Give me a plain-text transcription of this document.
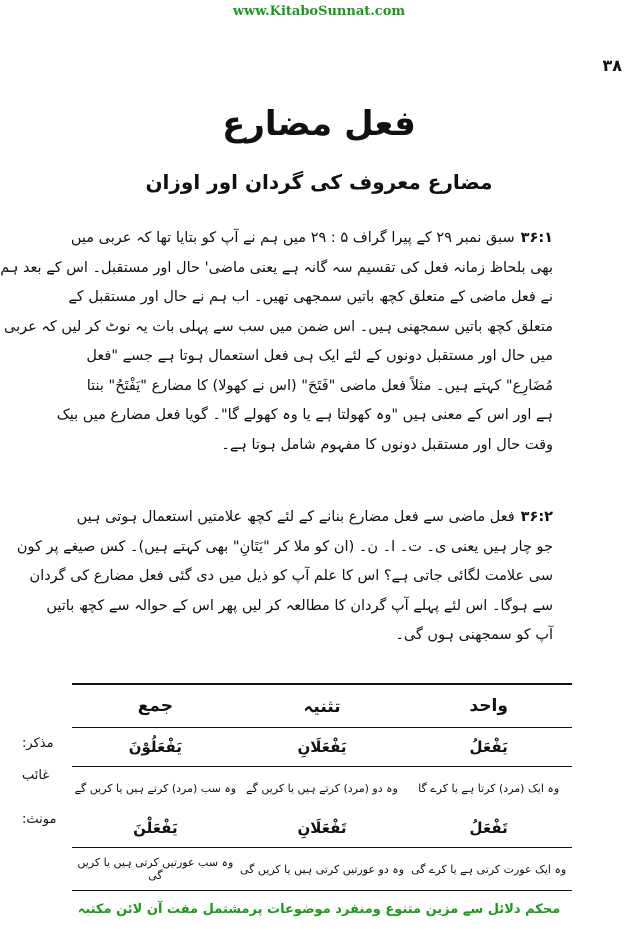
www.KitaboSunnat.com
۳۸
فعل مضارع
مضارع معروف کی گردان اور اوزان
۳۶:۱سبق نمبر ۲۹ کے پیرا گراف ۵ : ۲۹ میں ہم نے آپ کو بتایا تھا کہ عربی میں
بھی بلحاظ زمانہ فعل کی تقسیم سہ گانہ ہے یعنی ماضی' حال اور مستقبل۔ اس کے بعد ہم
نے فعل ماضی کے متعلق کچھ باتیں سمجھی تھیں۔ اب ہم نے حال اور مستقبل کے
متعلق کچھ باتیں سمجھنی ہیں۔ اس ضمن میں سب سے پہلی بات یہ نوٹ کر لیں کہ عربی
میں حال اور مستقبل دونوں کے لئے ایک ہی فعل استعمال ہوتا ہے جسے "فعل
مُضَارِع" کہتے ہیں۔ مثلاً فعل ماضی "فَتَحَ" (اس نے کھولا) کا مضارع "یَفْتَحُ" بنتا
ہے اور اس کے معنی ہیں "وہ کھولتا ہے یا وہ کھولے گا"۔ گویا فعل مضارع میں بیک
وقت حال اور مستقبل دونوں کا مفہوم شامل ہوتا ہے۔
۳۶:۲فعل ماضی سے فعل مضارع بنانے کے لئے کچھ علامتیں استعمال ہوتی ہیں
جو چار ہیں یعنی ی۔ ت۔ ا۔ ن۔ (ان کو ملا کر "یَتَانِ" بھی کہتے ہیں)۔ کس صیغے پر کون
سی علامت لگائی جاتی ہے؟ اس کا علم آپ کو ذیل میں دی گئی فعل مضارع کی گردان
سے ہوگا۔ اس لئے پہلے آپ گردان کا مطالعہ کر لیں پھر اس کے حوالہ سے کچھ باتیں
آپ کو سمجھنی ہوں گی۔
مذکر:
غائب
مونث:
واحد	تثنیہ	جمع
یَفْعَلُ	یَفْعَلَانِ	یَفْعَلُوْنَ
وہ ایک (مرد) کرتا ہے یا کرے گا	وہ دو (مرد) کرتے ہیں یا کریں گے	وہ سب (مرد) کرتے ہیں یا کریں گے
تَفْعَلُ	تَفْعَلَانِ	یَفْعَلْنَ
وہ ایک عورت کرتی ہے یا کرے گی	وہ دو عورتیں کرتی ہیں یا کریں گی	وہ سب عورتیں کرتی ہیں یا کریں گی
محکم دلائل سے مزین متنوع ومنفرد موضوعات پرمشتمل مفت آن لائن مکتبہ
